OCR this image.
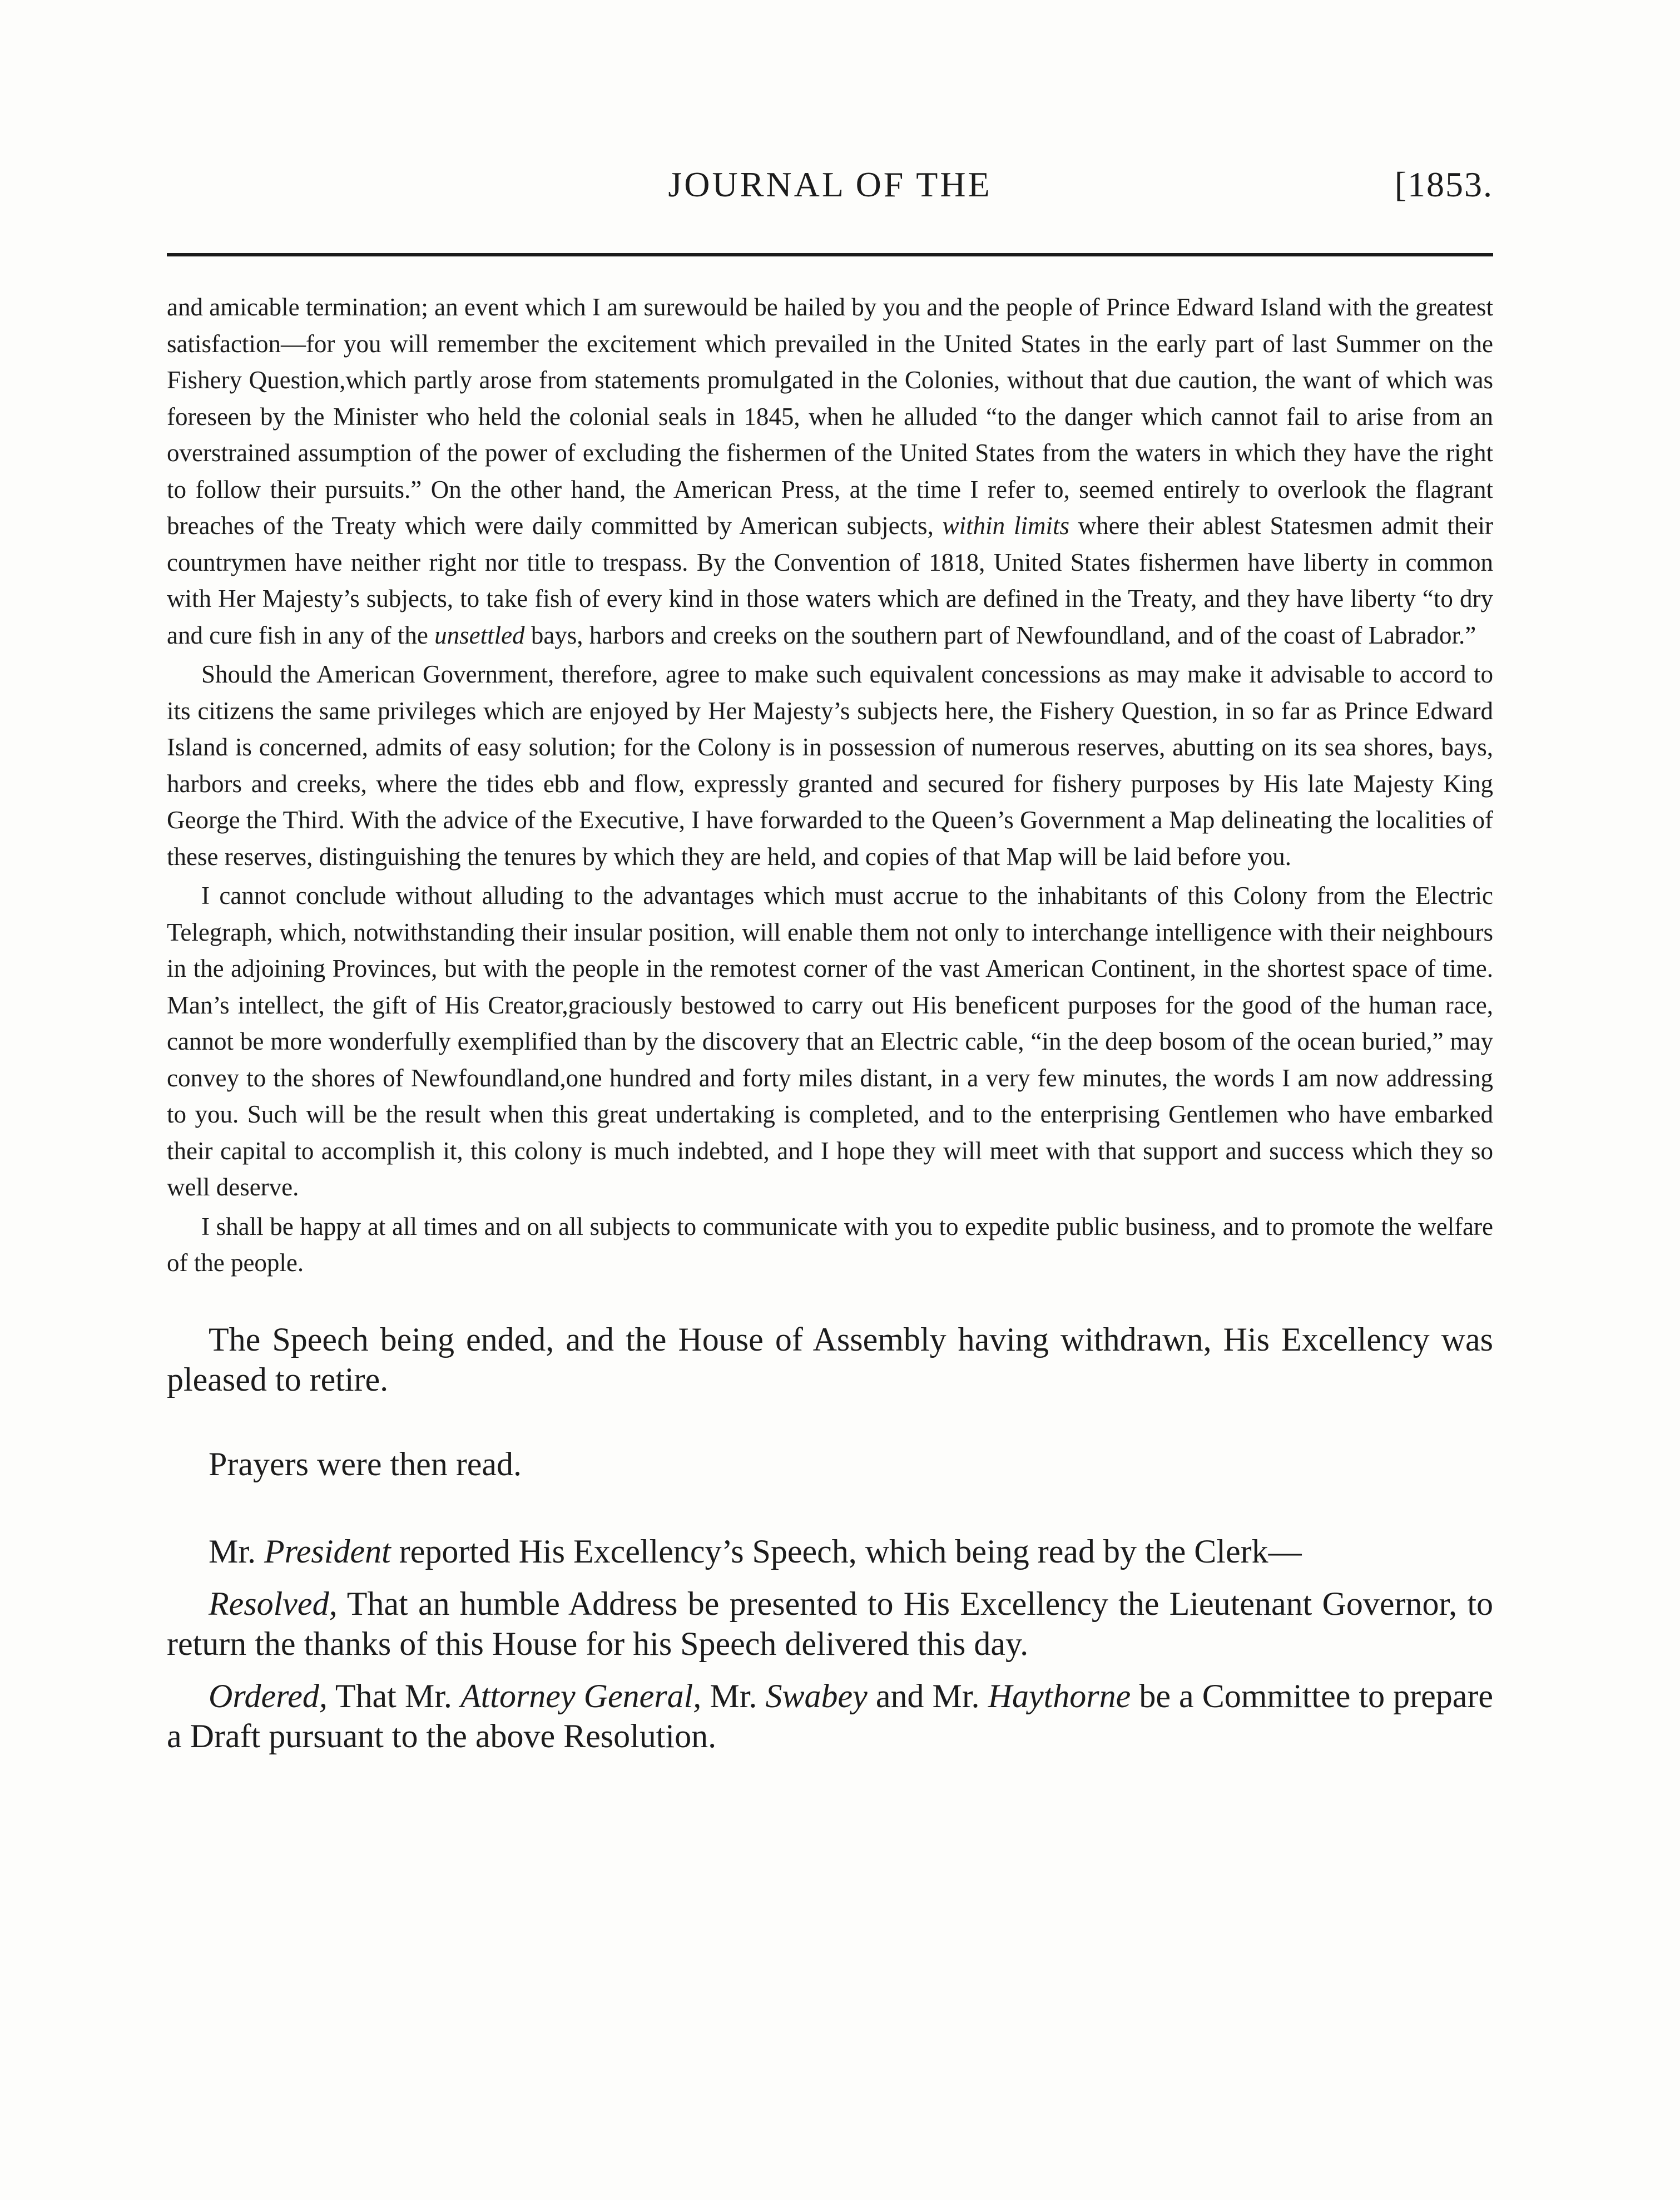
JOURNAL OF THE	[1853.

and amicable termination; an event which I am surewould be hailed by you and the people of Prince Edward Island with the greatest satisfaction—for you will remember the excitement which prevailed in the United States in the early part of last Summer on the Fishery Question,which partly arose from statements promulgated in the Colonies, without that due caution, the want of which was foreseen by the Minister who held the colonial seals in 1845, when he alluded “to the danger which cannot fail to arise from an overstrained assumption of the power of excluding the fishermen of the United States from the waters in which they have the right to follow their pursuits.” On the other hand, the American Press, at the time I refer to, seemed entirely to overlook the flagrant breaches of the Treaty which were daily committed by American subjects, within limits where their ablest Statesmen admit their countrymen have neither right nor title to trespass. By the Convention of 1818, United States fishermen have liberty in common with Her Majesty’s subjects, to take fish of every kind in those waters which are defined in the Treaty, and they have liberty “to dry and cure fish in any of the unsettled bays, harbors and creeks on the southern part of Newfoundland, and of the coast of Labrador.”

Should the American Government, therefore, agree to make such equivalent concessions as may make it advisable to accord to its citizens the same privileges which are enjoyed by Her Majesty’s subjects here, the Fishery Question, in so far as Prince Edward Island is concerned, admits of easy solution; for the Colony is in possession of numerous reserves, abutting on its sea shores, bays, harbors and creeks, where the tides ebb and flow, expressly granted and secured for fishery purposes by His late Majesty King George the Third. With the advice of the Executive, I have forwarded to the Queen’s Government a Map delineating the localities of these reserves, distinguishing the tenures by which they are held, and copies of that Map will be laid before you.

I cannot conclude without alluding to the advantages which must accrue to the inhabitants of this Colony from the Electric Telegraph, which, notwithstanding their insular position, will enable them not only to interchange intelligence with their neighbours in the adjoining Provinces, but with the people in the remotest corner of the vast American Continent, in the shortest space of time. Man’s intellect, the gift of His Creator,graciously bestowed to carry out His beneficent purposes for the good of the human race, cannot be more wonderfully exemplified than by the discovery that an Electric cable, “in the deep bosom of the ocean buried,” may convey to the shores of Newfoundland,one hundred and forty miles distant, in a very few minutes, the words I am now addressing to you. Such will be the result when this great undertaking is completed, and to the enterprising Gentlemen who have embarked their capital to accomplish it, this colony is much indebted, and I hope they will meet with that support and success which they so well deserve.

I shall be happy at all times and on all subjects to communicate with you to expedite public business, and to promote the welfare of the people.

The Speech being ended, and the House of Assembly having withdrawn, His Excellency was pleased to retire.

Prayers were then read.

Mr. President reported His Excellency’s Speech, which being read by the Clerk—

Resolved, That an humble Address be presented to His Excellency the Lieutenant Governor, to return the thanks of this House for his Speech delivered this day.

Ordered, That Mr. Attorney General, Mr. Swabey and Mr. Haythorne be a Committee to prepare a Draft pursuant to the above Resolution.
